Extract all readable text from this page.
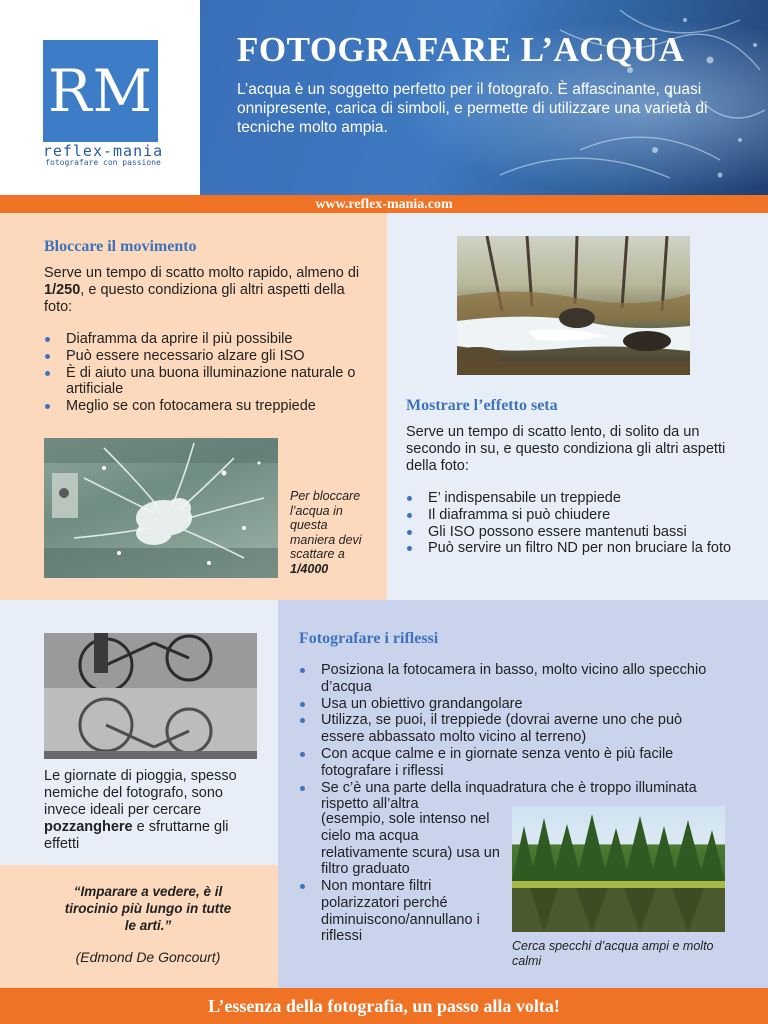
RM
reflex-mania
fotografare con passione
FOTOGRAFARE L’ACQUA
L’acqua è un soggetto perfetto per il fotografo. È affascinante, quasi onnipresente, carica di simboli, e permette di utilizzare una varietà di tecniche molto ampia.
www.reflex-mania.com
Bloccare il movimento
Serve un tempo di scatto molto rapido, almeno di 1/250, e questo condiziona gli altri aspetti della foto:
Diaframma da aprire il più possibile
Può essere necessario alzare gli ISO
È di aiuto una buona illuminazione naturale o artificiale
Meglio se con fotocamera su treppiede
Per bloccare l’acqua in questa maniera devi scattare a 1/4000
Mostrare l’effetto seta
Serve un tempo di scatto lento, di solito da un secondo in su, e questo condiziona gli altri aspetti della foto:
E’ indispensabile un treppiede
Il diaframma si può chiudere
Gli ISO possono essere mantenuti bassi
Può servire un filtro ND per non bruciare la foto
Le giornate di pioggia, spesso nemiche del fotografo, sono invece ideali per cercare pozzanghere e sfruttarne gli effetti
“Imparare a vedere, è il tirocinio più lungo in tutte le arti.”
(Edmond De Goncourt)
Fotografare i riflessi
Posiziona la fotocamera in basso, molto vicino allo specchio d’acqua
Usa un obiettivo grandangolare
Utilizza, se puoi, il treppiede (dovrai averne uno che può essere abbassato molto vicino al terreno)
Con acque calme e in giornate senza vento è più facile fotografare i riflessi
Se c’è una parte della inquadratura che è troppo illuminata rispetto all’altra
(esempio, sole intenso nel cielo ma acqua relativamente scura) usa un filtro graduato
Non montare filtri polarizzatori perché diminuiscono/annullano i riflessi
Cerca specchi d’acqua ampi e molto calmi
L’essenza della fotografia, un passo alla volta!
